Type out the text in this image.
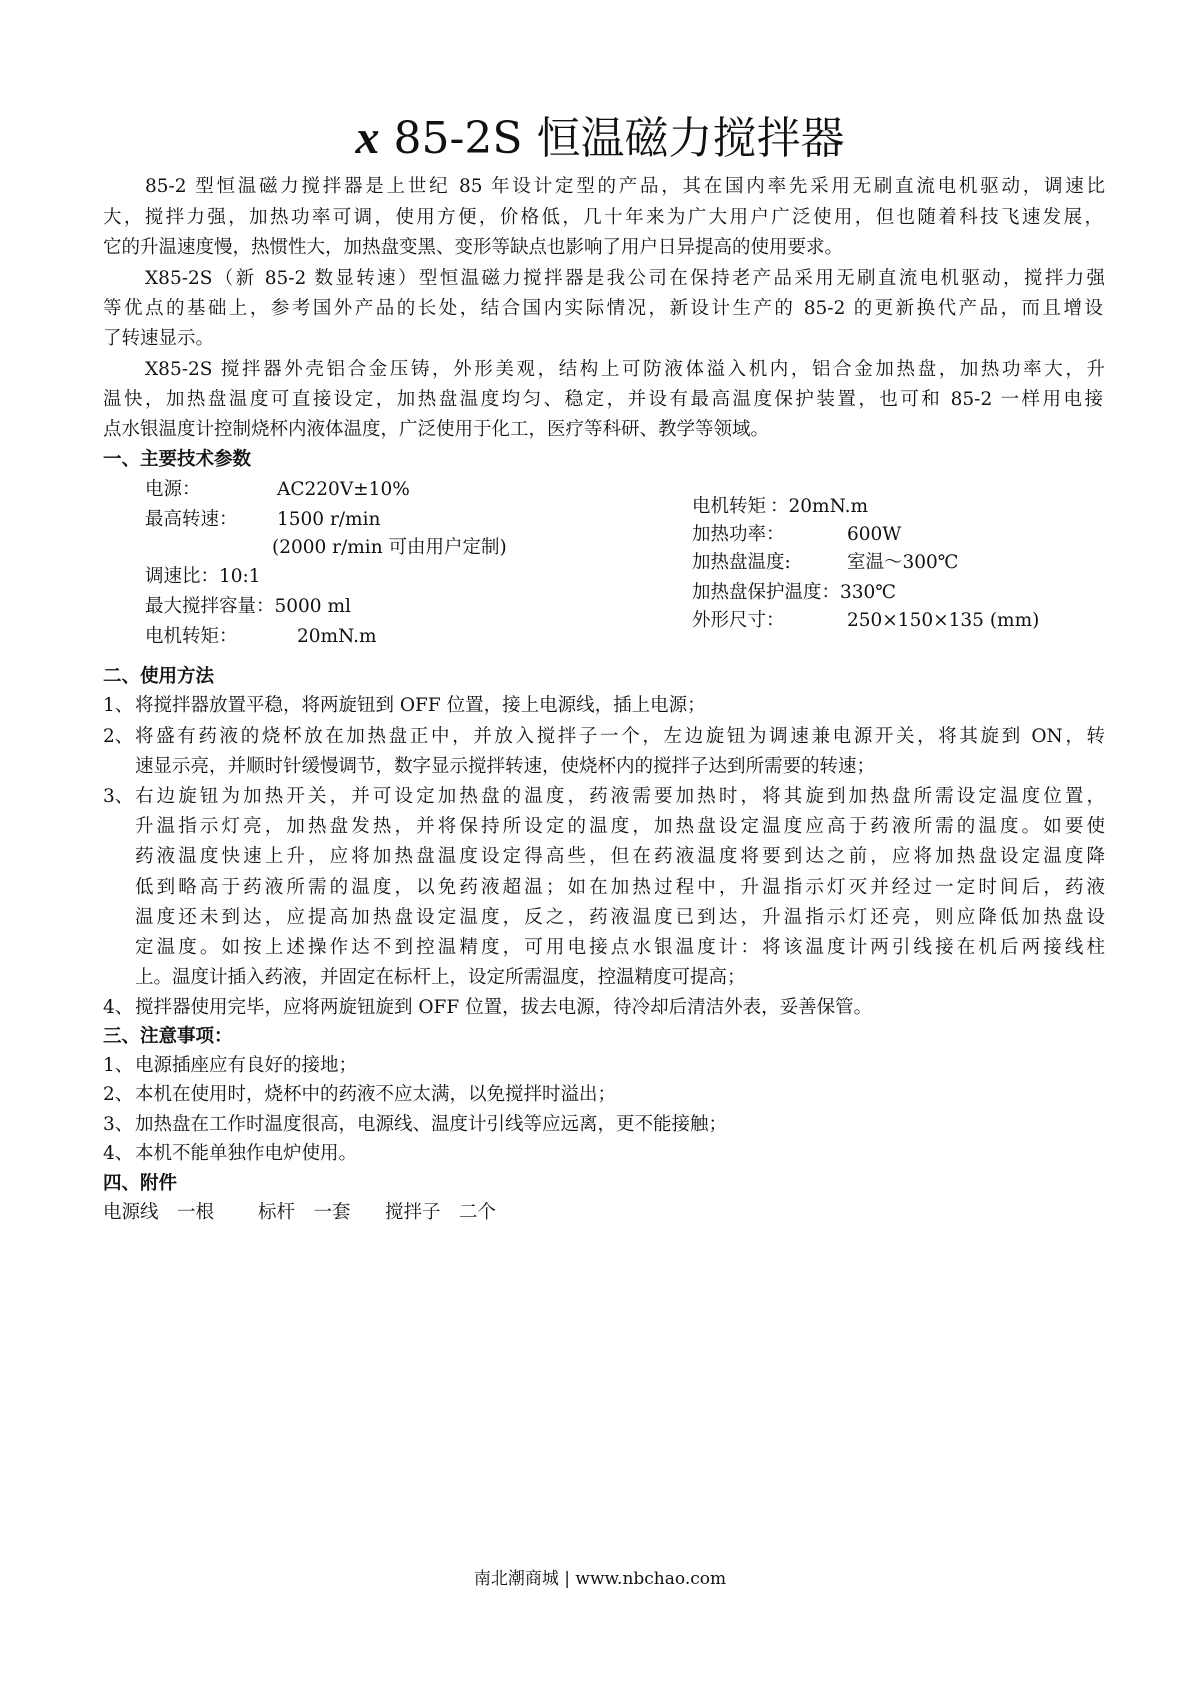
x 85-2S 恒温磁力搅拌器
85-2 型恒温磁力搅拌器是上世纪 85 年设计定型的产品，其在国内率先采用无刷直流电机驱动，调速比
大，搅拌力强，加热功率可调，使用方便，价格低，几十年来为广大用户广泛使用，但也随着科技飞速发展，
它的升温速度慢，热惯性大，加热盘变黑、变形等缺点也影响了用户日异提高的使用要求。
X85-2S（新 85-2 数显转速）型恒温磁力搅拌器是我公司在保持老产品采用无刷直流电机驱动，搅拌力强
等优点的基础上，参考国外产品的长处，结合国内实际情况，新设计生产的 85-2 的更新换代产品，而且增设
了转速显示。
X85-2S 搅拌器外壳铝合金压铸，外形美观，结构上可防液体溢入机内，铝合金加热盘，加热功率大，升
温快，加热盘温度可直接设定，加热盘温度均匀、稳定，并设有最高温度保护装置，也可和 85-2 一样用电接
点水银温度计控制烧杯内液体温度，广泛使用于化工，医疗等科研、教学等领域。
一、主要技术参数
电源：	AC220V±10%
最高转速： 1500 r/min
(2000 r/min 可由用户定制)
调速比：10:1
最大搅拌容量：5000 ml
电机转矩：	20mN.m
电机转矩 ：20mN.m
加热功率：	600W
加热盘温度:	室温～300℃
加热盘保护温度：330℃
外形尺寸：	250×150×135 (mm)
二、使用方法
1、 将搅拌器放置平稳，将两旋钮到 OFF 位置，接上电源线，插上电源；
2、 将盛有药液的烧杯放在加热盘正中，并放入搅拌子一个，左边旋钮为调速兼电源开关，将其旋到 ON，转
速显示亮，并顺时针缓慢调节，数字显示搅拌转速，使烧杯内的搅拌子达到所需要的转速；
3、 右边旋钮为加热开关，并可设定加热盘的温度，药液需要加热时，将其旋到加热盘所需设定温度位置，
升温指示灯亮，加热盘发热，并将保持所设定的温度，加热盘设定温度应高于药液所需的温度。如要使
药液温度快速上升，应将加热盘温度设定得高些，但在药液温度将要到达之前，应将加热盘设定温度降
低到略高于药液所需的温度，以免药液超温；如在加热过程中，升温指示灯灭并经过一定时间后，药液
温度还未到达，应提高加热盘设定温度，反之，药液温度已到达，升温指示灯还亮，则应降低加热盘设
定温度。如按上述操作达不到控温精度，可用电接点水银温度计：将该温度计两引线接在机后两接线柱
上。温度计插入药液，并固定在标杆上，设定所需温度，控温精度可提高；
4、 搅拌器使用完毕，应将两旋钮旋到 OFF 位置，拔去电源，待冷却后清洁外表，妥善保管。
三、注意事项：
1、 电源插座应有良好的接地；
2、 本机在使用时，烧杯中的药液不应太满，以免搅拌时溢出；
3、 加热盘在工作时温度很高，电源线、温度计引线等应远离，更不能接触；
4、 本机不能单独作电炉使用。
四、附件
电源线　一根 标杆　一套 搅拌子　二个
南北潮商城 | www.nbchao.com
